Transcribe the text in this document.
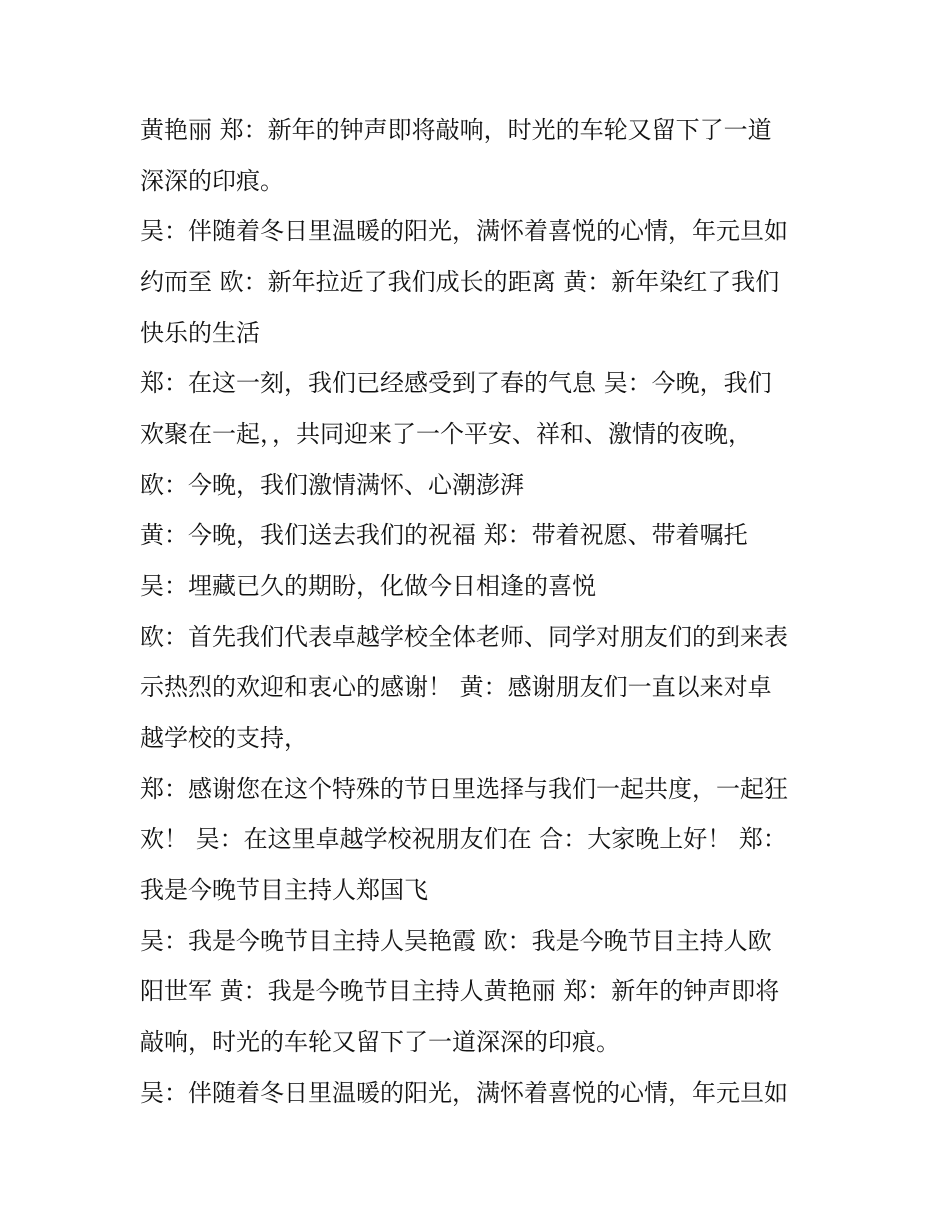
黄艳丽 郑：新年的钟声即将敲响，时光的车轮又留下了一道
深深的印痕。
吴：伴随着冬日里温暖的阳光，满怀着喜悦的心情，年元旦如
约而至 欧：新年拉近了我们成长的距离 黄：新年染红了我们
快乐的生活
郑：在这一刻，我们已经感受到了春的气息 吴：今晚，我们
欢聚在一起，，共同迎来了一个平安、祥和、激情的夜晚，
欧：今晚，我们激情满怀、心潮澎湃
黄：今晚，我们送去我们的祝福 郑：带着祝愿、带着嘱托
吴：埋藏已久的期盼，化做今日相逢的喜悦
欧：首先我们代表卓越学校全体老师、同学对朋友们的到来表
示热烈的欢迎和衷心的感谢！ 黄：感谢朋友们一直以来对卓
越学校的支持，
郑：感谢您在这个特殊的节日里选择与我们一起共度，一起狂
欢！ 吴：在这里卓越学校祝朋友们在 合：大家晚上好！ 郑：
我是今晚节目主持人郑国飞
吴：我是今晚节目主持人吴艳霞 欧：我是今晚节目主持人欧
阳世军 黄：我是今晚节目主持人黄艳丽 郑：新年的钟声即将
敲响，时光的车轮又留下了一道深深的印痕。
吴：伴随着冬日里温暖的阳光，满怀着喜悦的心情，年元旦如
